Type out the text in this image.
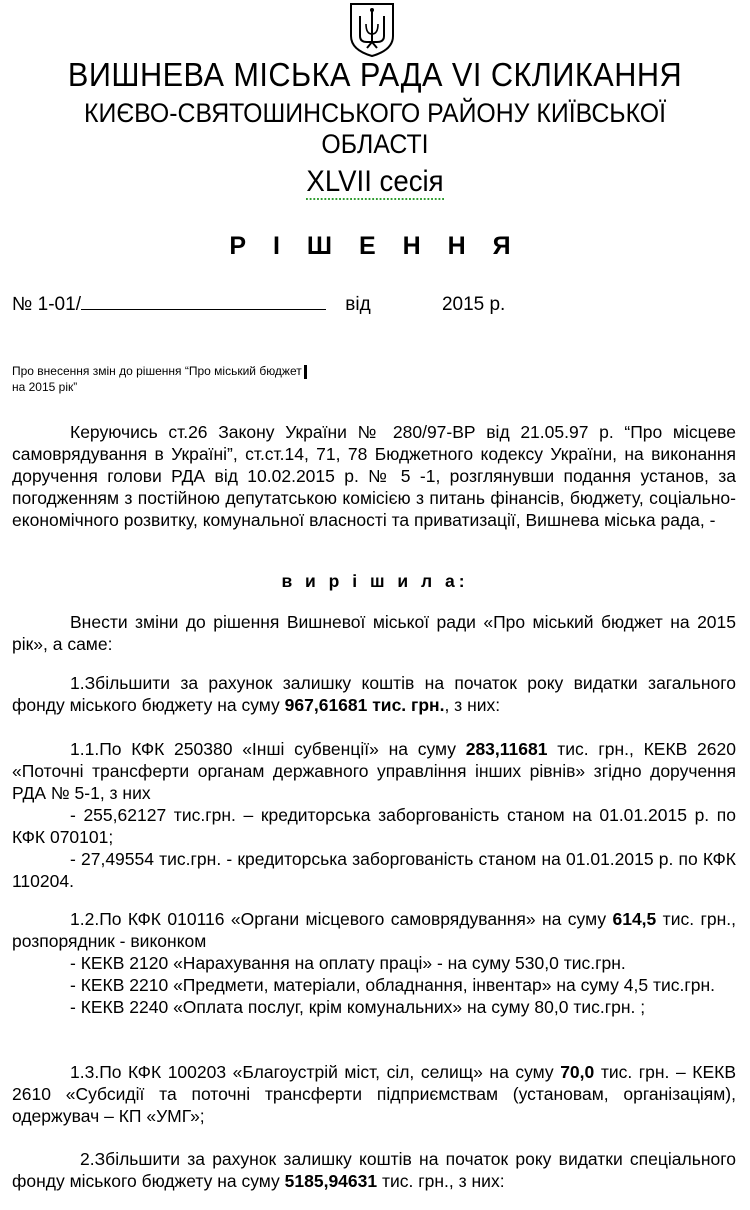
ВИШНЕВА МІСЬКА РАДА VI СКЛИКАННЯ
КИЄВО-СВЯТОШИНСЬКОГО РАЙОНУ КИЇВСЬКОЇ ОБЛАСТІ
XLVII сесія
Р І Ш Е Н Н Я
№ 1-01/	від	2015 р.
Про внесення змін до рішення “Про міський бюджет
на 2015 рік”

Керуючись ст.26 Закону України № 280/97-ВР від 21.05.97 р. “Про місцеве самоврядування в Україні”, ст.ст.14, 71, 78 Бюджетного кодексу України, на виконання доручення голови РДА від 10.02.2015 р. № 5 -1, розглянувши подання установ, за погодженням з постійною депутатською комісією з питань фінансів, бюджету, соціально-економічного розвитку, комунальної власності та приватизації, Вишнева міська рада, -

в и р і ш и л а:

Внести зміни до рішення Вишневої міської ради «Про міський бюджет на 2015 рік», а саме:

1.Збільшити за рахунок залишку коштів на початок року видатки загального фонду міського бюджету на суму 967,61681 тис. грн., з них:

1.1.По КФК 250380 «Інші субвенції» на суму 283,11681 тис. грн., КЕКВ 2620 «Поточні трансферти органам державного управління інших рівнів» згідно доручення РДА № 5-1, з них

- 255,62127 тис.грн. – кредиторська заборгованість станом на 01.01.2015 р. по КФК 070101;

- 27,49554 тис.грн. - кредиторська заборгованість станом на 01.01.2015 р. по КФК 110204.

1.2.По КФК 010116 «Органи місцевого самоврядування» на суму 614,5 тис. грн., розпорядник - виконком

- КЕКВ 2120 «Нарахування на оплату праці» - на суму 530,0 тис.грн.

- КЕКВ 2210 «Предмети, матеріали, обладнання, інвентар» на суму 4,5 тис.грн.

- КЕКВ 2240 «Оплата послуг, крім комунальних» на суму 80,0 тис.грн. ;

1.3.По КФК 100203 «Благоустрій міст, сіл, селищ» на суму 70,0 тис. грн. – КЕКВ 2610 «Субсидії та поточні трансферти підприємствам (установам, організаціям), одержувач – КП «УМГ»;

2.Збільшити за рахунок залишку коштів на початок року видатки спеціального фонду міського бюджету на суму 5185,94631 тис. грн., з них:
